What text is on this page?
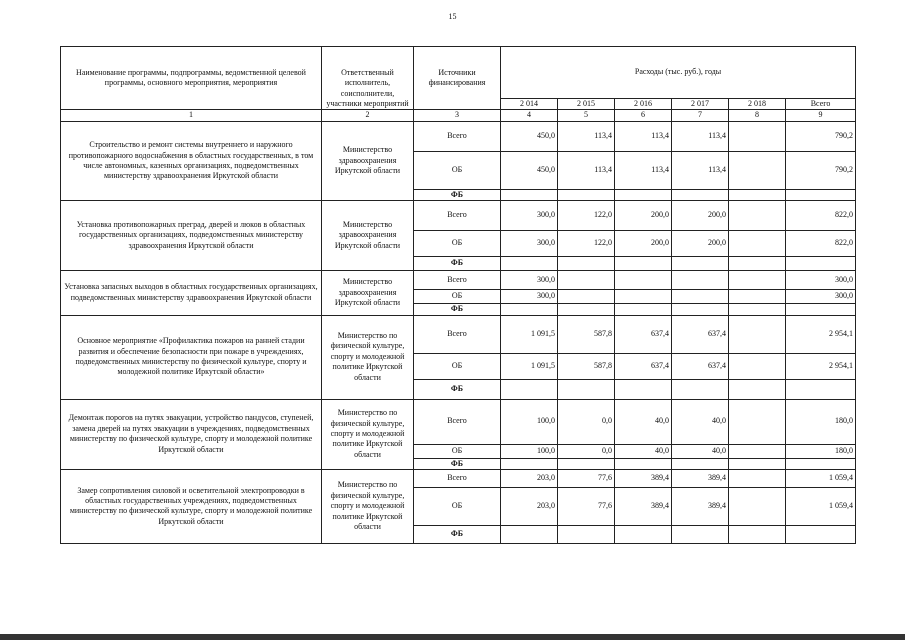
15
Наименование программы, подпрограммы, ведомственной целевой программы, основного мероприятия, мероприятия	Ответственный исполнитель, соисполнители, участники мероприятий	Источники финансирования	Расходы (тыс. руб.), годы					
			2 014	2 015	2 016	2 017	2 018	Всего
1	2	3	4	5	6	7	8	9
Строительство и ремонт системы внутреннего и наружного противопожарного водоснабжения в областных государственных, в том числе автономных, казенных организациях, подведомственных министерству здравоохранения Иркутской области	Министерство здравоохранения Иркутской области	Всего	450,0	113,4	113,4	113,4		790,2
		ОБ	450,0	113,4	113,4	113,4		790,2
		ФБ						
Установка противопожарных преград, дверей и люков в областных государственных организациях, подведомственных министерству здравоохранения Иркутской области	Министерство здравоохранения Иркутской области	Всего	300,0	122,0	200,0	200,0		822,0
		ОБ	300,0	122,0	200,0	200,0		822,0
		ФБ						
Установка запасных выходов в областных государственных организациях, подведомственных министерству здравоохранения Иркутской области	Министерство здравоохранения Иркутской области	Всего	300,0					300,0
		ОБ	300,0					300,0
		ФБ						
Основное мероприятие «Профилактика пожаров на ранней стадии развития и обеспечение безопасности при пожаре в учреждениях, подведомственных министерству по физической культуре, спорту и молодежной политике Иркутской области»	Министерство по физической культуре, спорту и молодежной политике Иркутской области	Всего	1 091,5	587,8	637,4	637,4		2 954,1
		ОБ	1 091,5	587,8	637,4	637,4		2 954,1
		ФБ						
Демонтаж порогов на путях эвакуации, устройство пандусов, ступеней, замена дверей на путях эвакуации в учреждениях, подведомственных министерству по физической культуре, спорту и молодежной политике Иркутской области	Министерство по физической культуре, спорту и молодежной политике Иркутской области	Всего	100,0	0,0	40,0	40,0		180,0
		ОБ	100,0	0,0	40,0	40,0		180,0
		ФБ						
Замер сопротивления силовой и осветительной электропроводки в областных государственных учреждениях, подведомственных министерству по физической культуре, спорту и молодежной политике Иркутской области	Министерство по физической культуре, спорту и молодежной политике Иркутской области	Всего	203,0	77,6	389,4	389,4		1 059,4
		ОБ	203,0	77,6	389,4	389,4		1 059,4
		ФБ						
